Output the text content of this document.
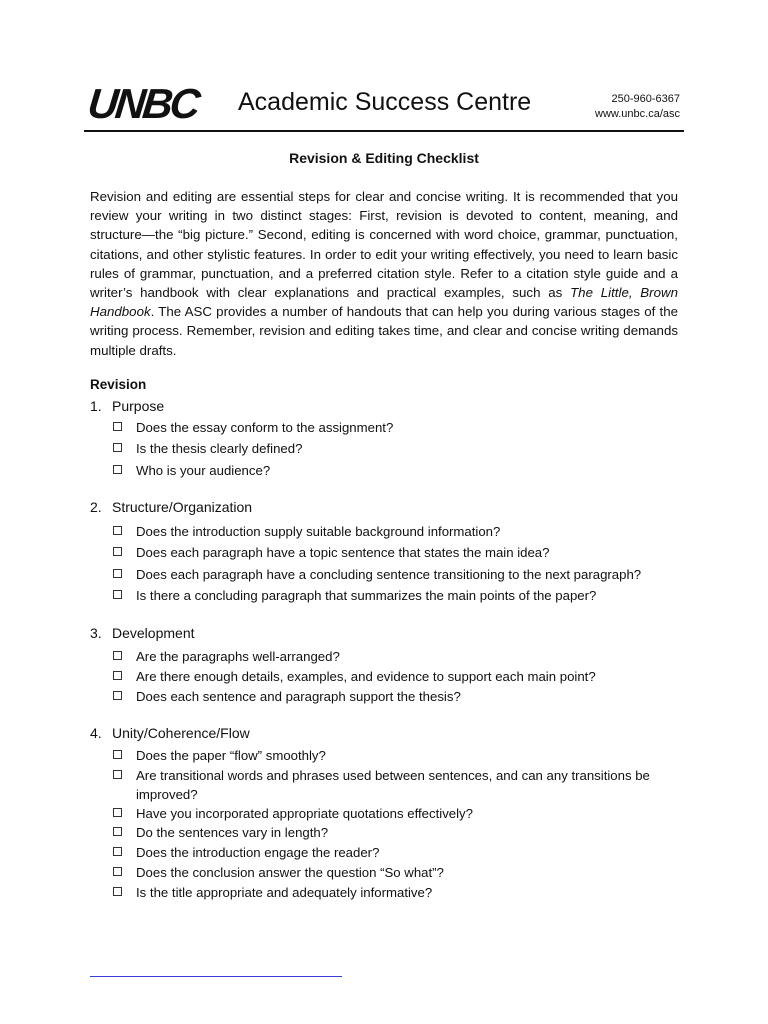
UNBC Academic Success Centre	250-960-6367
www.unbc.ca/asc
Revision & Editing Checklist
Revision and editing are essential steps for clear and concise writing. It is recommended that you review your writing in two distinct stages: First, revision is devoted to content, meaning, and structure—the “big picture.” Second, editing is concerned with word choice, grammar, punctuation, citations, and other stylistic features. In order to edit your writing effectively, you need to learn basic rules of grammar, punctuation, and a preferred citation style. Refer to a citation style guide and a writer’s handbook with clear explanations and practical examples, such as The Little, Brown Handbook. The ASC provides a number of handouts that can help you during various stages of the writing process. Remember, revision and editing takes time, and clear and concise writing demands multiple drafts.
Revision
1. Purpose
Does the essay conform to the assignment?
Is the thesis clearly defined?
Who is your audience?
2. Structure/Organization
Does the introduction supply suitable background information?
Does each paragraph have a topic sentence that states the main idea?
Does each paragraph have a concluding sentence transitioning to the next paragraph?
Is there a concluding paragraph that summarizes the main points of the paper?
3. Development
Are the paragraphs well-arranged?
Are there enough details, examples, and evidence to support each main point?
Does each sentence and paragraph support the thesis?
4. Unity/Coherence/Flow
Does the paper “flow” smoothly?
Are transitional words and phrases used between sentences, and can any transitions be improved?
Have you incorporated appropriate quotations effectively?
Do the sentences vary in length?
Does the introduction engage the reader?
Does the conclusion answer the question “So what”?
Is the title appropriate and adequately informative?
